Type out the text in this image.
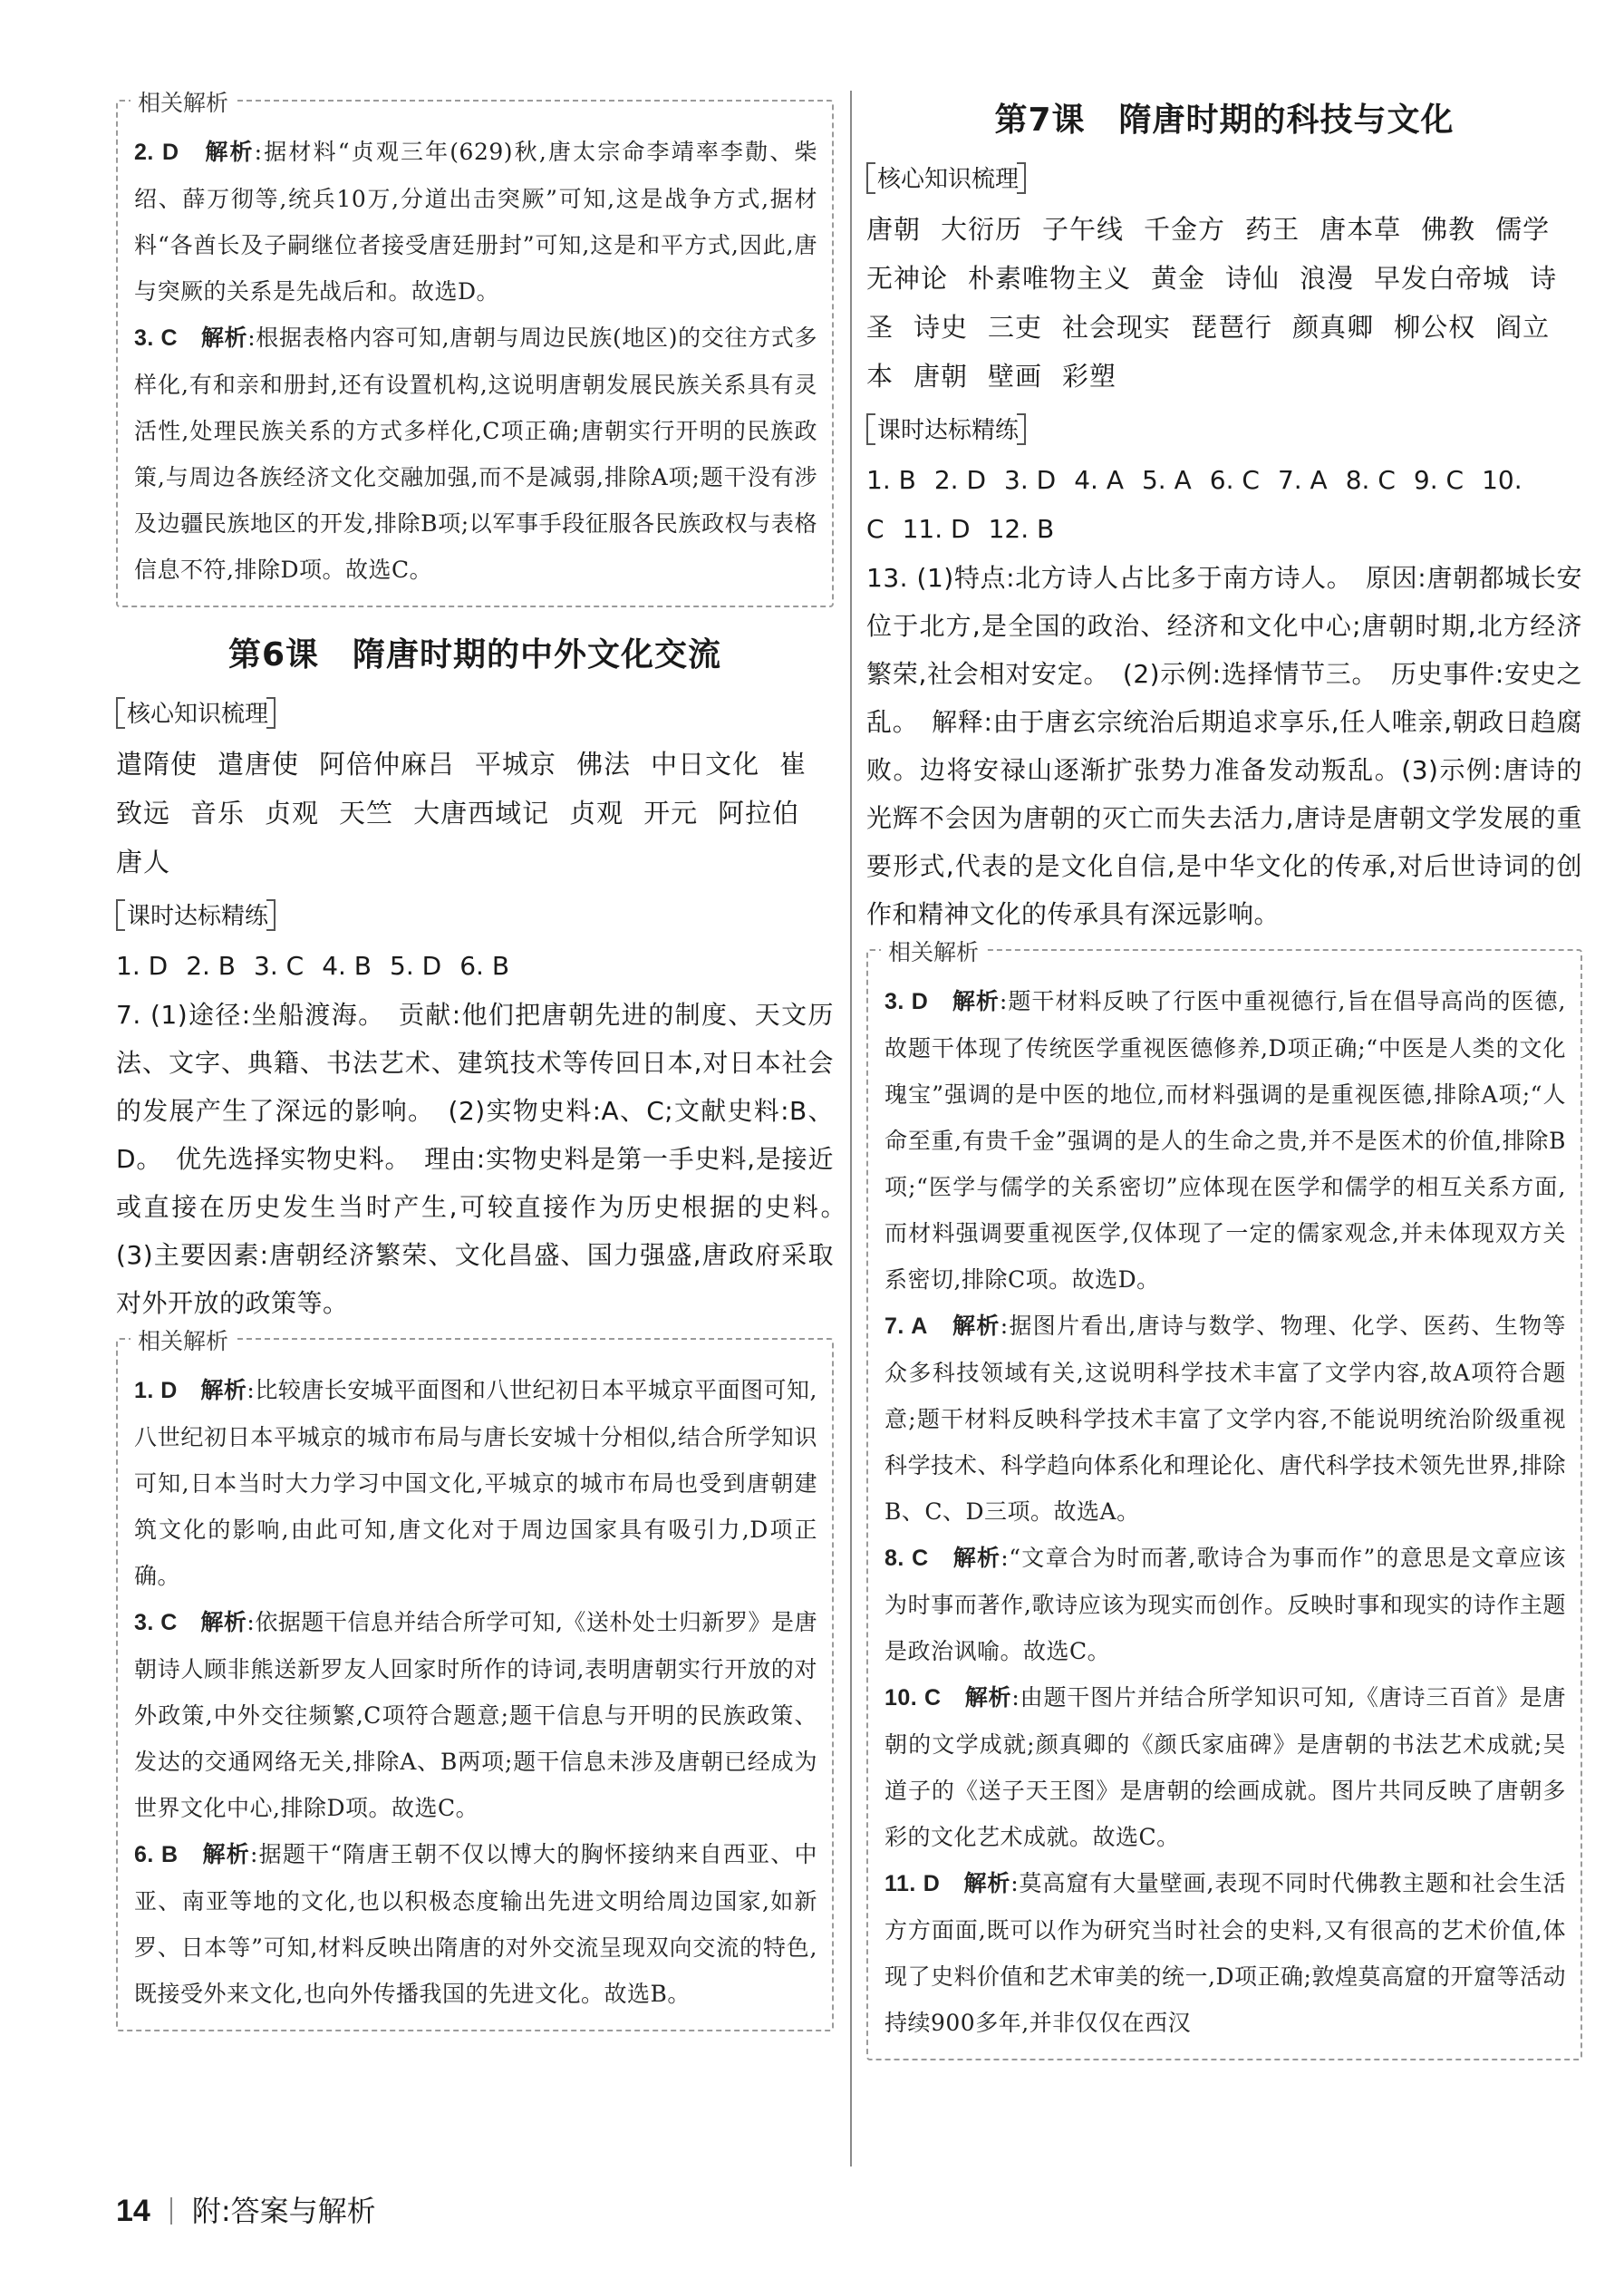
相关解析

2. D　 解析:据材料“贞观三年(629)秋,唐太宗命李靖率李勣、柴绍、薛万彻等,统兵10万,分道出击突厥”可知,这是战争方式,据材料“各酋长及子嗣继位者接受唐廷册封”可知,这是和平方式,因此,唐与突厥的关系是先战后和。故选D。

3. C　 解析:根据表格内容可知,唐朝与周边民族(地区)的交往方式多样化,有和亲和册封,还有设置机构,这说明唐朝发展民族关系具有灵活性,处理民族关系的方式多样化,C项正确;唐朝实行开明的民族政策,与周边各族经济文化交融加强,而不是减弱,排除A项;题干没有涉及边疆民族地区的开发,排除B项;以军事手段征服各民族政权与表格信息不符,排除D项。故选C。

第6课　隋唐时期的中外文化交流
核心知识梳理

遣隋使 遣唐使 阿倍仲麻吕 平城京 佛法 中日文化 崔致远 音乐 贞观 天竺 大唐西域记 贞观 开元 阿拉伯唐人

课时达标精练

1. D 2. B 3. C 4. B 5. D 6. B

7. (1)途径:坐船渡海。　贡献:他们把唐朝先进的制度、天文历法、文字、典籍、书法艺术、建筑技术等传回日本,对日本社会的发展产生了深远的影响。　(2)实物史料:A、C;文献史料:B、D。　优先选择实物史料。　理由:实物史料是第一手史料,是接近或直接在历史发生当时产生,可较直接作为历史根据的史料。　(3)主要因素:唐朝经济繁荣、文化昌盛、国力强盛,唐政府采取对外开放的政策等。

相关解析

1. D　 解析:比较唐长安城平面图和八世纪初日本平城京平面图可知,八世纪初日本平城京的城市布局与唐长安城十分相似,结合所学知识可知,日本当时大力学习中国文化,平城京的城市布局也受到唐朝建筑文化的影响,由此可知,唐文化对于周边国家具有吸引力,D项正确。

3. C　 解析:依据题干信息并结合所学可知,《送朴处士归新罗》是唐朝诗人顾非熊送新罗友人回家时所作的诗词,表明唐朝实行开放的对外政策,中外交往频繁,C项符合题意;题干信息与开明的民族政策、发达的交通网络无关,排除A、B两项;题干信息未涉及唐朝已经成为世界文化中心,排除D项。故选C。

6. B　 解析:据题干“隋唐王朝不仅以博大的胸怀接纳来自西亚、中亚、南亚等地的文化,也以积极态度输出先进文明给周边国家,如新罗、日本等”可知,材料反映出隋唐的对外交流呈现双向交流的特色,既接受外来文化,也向外传播我国的先进文化。故选B。

第7课　隋唐时期的科技与文化
核心知识梳理

唐朝 大衍历 子午线 千金方 药王 唐本草 佛教 儒学无神论 朴素唯物主义 黄金 诗仙 浪漫 早发白帝城 诗圣 诗史 三吏 社会现实 琵琶行 颜真卿 柳公权 阎立本 唐朝 壁画 彩塑

课时达标精练

1. B 2. D 3. D 4. A 5. A 6. C 7. A 8. C 9. C 10. C 11. D 12. B

13. (1)特点:北方诗人占比多于南方诗人。　原因:唐朝都城长安位于北方,是全国的政治、经济和文化中心;唐朝时期,北方经济繁荣,社会相对安定。　(2)示例:选择情节三。　历史事件:安史之乱。　解释:由于唐玄宗统治后期追求享乐,任人唯亲,朝政日趋腐败。边将安禄山逐渐扩张势力准备发动叛乱。(3)示例:唐诗的光辉不会因为唐朝的灭亡而失去活力,唐诗是唐朝文学发展的重要形式,代表的是文化自信,是中华文化的传承,对后世诗词的创作和精神文化的传承具有深远影响。

相关解析

3. D　 解析:题干材料反映了行医中重视德行,旨在倡导高尚的医德,故题干体现了传统医学重视医德修养,D项正确;“中医是人类的文化瑰宝”强调的是中医的地位,而材料强调的是重视医德,排除A项;“人命至重,有贵千金”强调的是人的生命之贵,并不是医术的价值,排除B项;“医学与儒学的关系密切”应体现在医学和儒学的相互关系方面,而材料强调要重视医学,仅体现了一定的儒家观念,并未体现双方关系密切,排除C项。故选D。

7. A　 解析:据图片看出,唐诗与数学、物理、化学、医药、生物等众多科技领域有关,这说明科学技术丰富了文学内容,故A项符合题意;题干材料反映科学技术丰富了文学内容,不能说明统治阶级重视科学技术、科学趋向体系化和理论化、唐代科学技术领先世界,排除B、C、D三项。故选A。

8. C　 解析:“文章合为时而著,歌诗合为事而作”的意思是文章应该为时事而著作,歌诗应该为现实而创作。反映时事和现实的诗作主题是政治讽喻。故选C。

10. C　 解析:由题干图片并结合所学知识可知,《唐诗三百首》是唐朝的文学成就;颜真卿的《颜氏家庙碑》是唐朝的书法艺术成就;吴道子的《送子天王图》是唐朝的绘画成就。图片共同反映了唐朝多彩的文化艺术成就。故选C。

11. D　 解析:莫高窟有大量壁画,表现不同时代佛教主题和社会生活方方面面,既可以作为研究当时社会的史料,又有很高的艺术价值,体现了史料价值和艺术审美的统一,D项正确;敦煌莫高窟的开窟等活动持续900多年,并非仅仅在西汉

14 附:答案与解析
